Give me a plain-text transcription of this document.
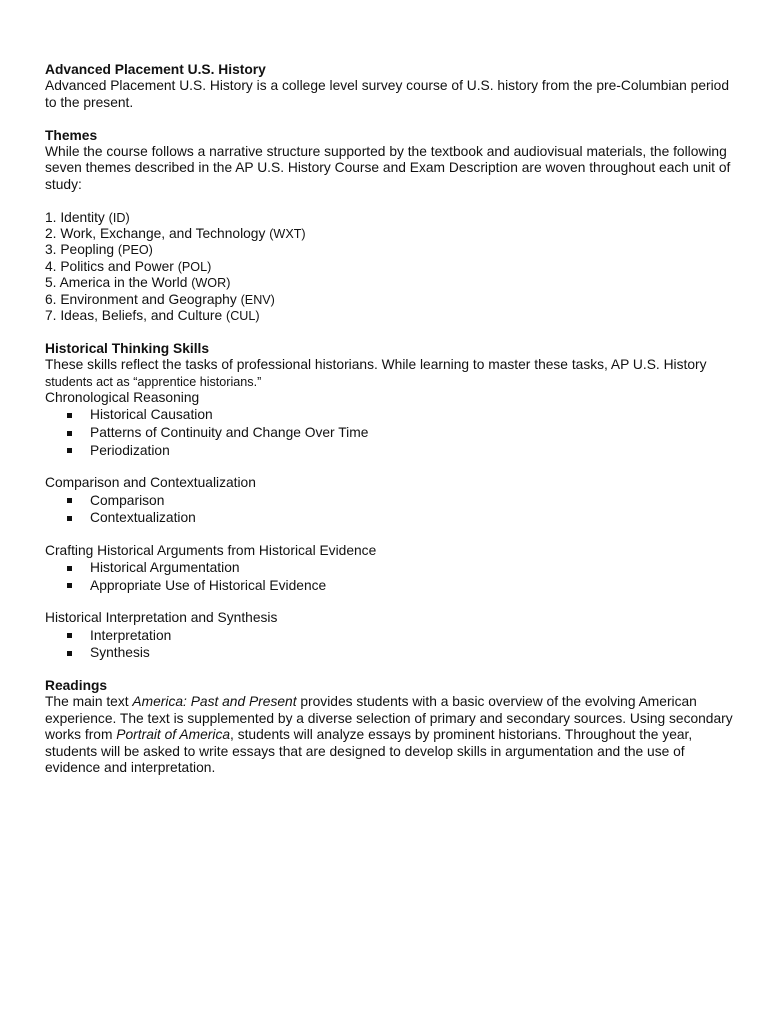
Advanced Placement U.S. History

Advanced Placement U.S. History is a college level survey course of U.S. history from the pre-Columbian period to the present.

Themes

While the course follows a narrative structure supported by the textbook and audiovisual materials, the following seven themes described in the AP U.S. History Course and Exam Description are woven throughout each unit of study:

1. Identity (ID)
2. Work, Exchange, and Technology (WXT)
3. Peopling (PEO)
4. Politics and Power (POL)
5. America in the World (WOR)
6. Environment and Geography (ENV)
7. Ideas, Beliefs, and Culture (CUL)

Historical Thinking Skills

These skills reflect the tasks of professional historians. While learning to master these tasks, AP U.S. History

students act as “apprentice historians.”

Chronological Reasoning

Historical Causation
Patterns of Continuity and Change Over Time
Periodization

Comparison and Contextualization

Comparison
Contextualization

Crafting Historical Arguments from Historical Evidence

Historical Argumentation
Appropriate Use of Historical Evidence

Historical Interpretation and Synthesis

Interpretation
Synthesis

Readings

The main text America: Past and Present provides students with a basic overview of the evolving American experience. The text is supplemented by a diverse selection of primary and secondary sources. Using secondary works from Portrait of America, students will analyze essays by prominent historians. Throughout the year, students will be asked to write essays that are designed to develop skills in argumentation and the use of evidence and interpretation.
